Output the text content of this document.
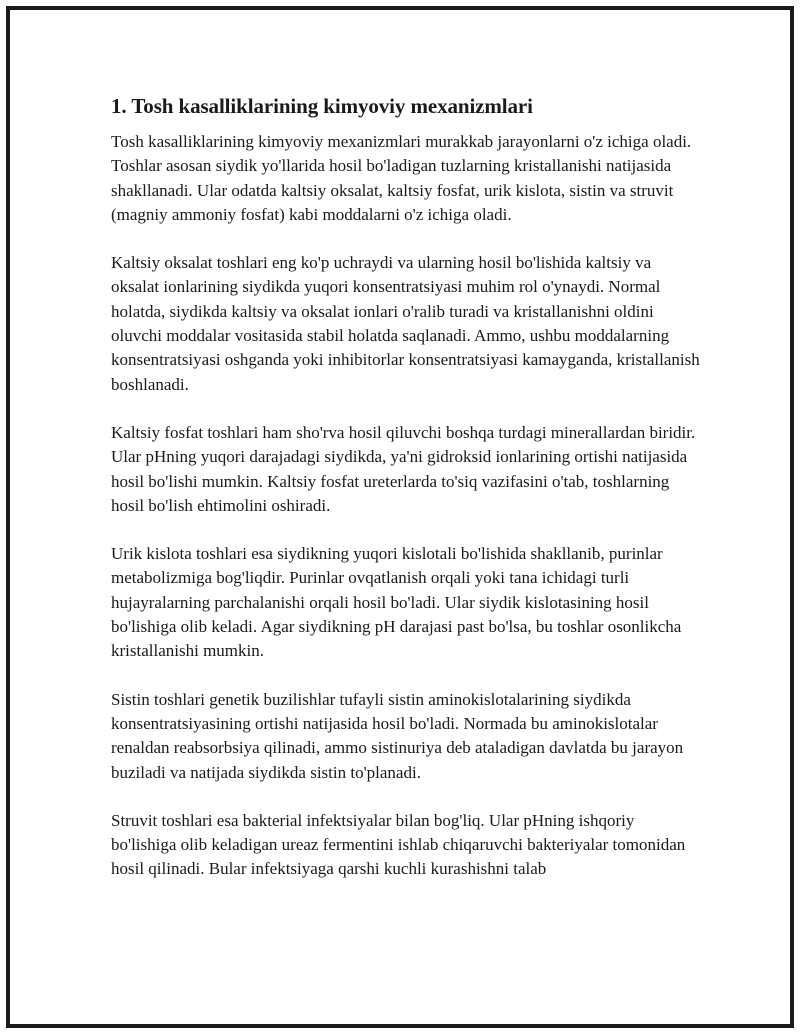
1. Tosh kasalliklarining kimyoviy mexanizmlari

Tosh kasalliklarining kimyoviy mexanizmlari murakkab jarayonlarni o'z ichiga oladi. Toshlar asosan siydik yo'llarida hosil bo'ladigan tuzlarning kristallanishi natijasida shakllanadi. Ular odatda kaltsiy oksalat, kaltsiy fosfat, urik kislota, sistin va struvit (magniy ammoniy fosfat) kabi moddalarni o'z ichiga oladi.

Kaltsiy oksalat toshlari eng ko'p uchraydi va ularning hosil bo'lishida kaltsiy va oksalat ionlarining siydikda yuqori konsentratsiyasi muhim rol o'ynaydi. Normal holatda, siydikda kaltsiy va oksalat ionlari o'ralib turadi va kristallanishni oldini oluvchi moddalar vositasida stabil holatda saqlanadi. Ammo, ushbu moddalarning konsentratsiyasi oshganda yoki inhibitorlar konsentratsiyasi kamayganda, kristallanish boshlanadi.

Kaltsiy fosfat toshlari ham sho'rva hosil qiluvchi boshqa turdagi minerallardan biridir. Ular pHning yuqori darajadagi siydikda, ya'ni gidroksid ionlarining ortishi natijasida hosil bo'lishi mumkin. Kaltsiy fosfat ureterlarda to'siq vazifasini o'tab, toshlarning hosil bo'lish ehtimolini oshiradi.

Urik kislota toshlari esa siydikning yuqori kislotali bo'lishida shakllanib, purinlar metabolizmiga bog'liqdir. Purinlar ovqatlanish orqali yoki tana ichidagi turli hujayralarning parchalanishi orqali hosil bo'ladi. Ular siydik kislotasining hosil bo'lishiga olib keladi. Agar siydikning pH darajasi past bo'lsa, bu toshlar osonlikcha kristallanishi mumkin.

Sistin toshlari genetik buzilishlar tufayli sistin aminokislotalarining siydikda konsentratsiyasining ortishi natijasida hosil bo'ladi. Normada bu aminokislotalar renaldan reabsorbsiya qilinadi, ammo sistinuriya deb ataladigan davlatda bu jarayon buziladi va natijada siydikda sistin to'planadi.

Struvit toshlari esa bakterial infektsiyalar bilan bog'liq. Ular pHning ishqoriy bo'lishiga olib keladigan ureaz fermentini ishlab chiqaruvchi bakteriyalar tomonidan hosil qilinadi. Bular infektsiyaga qarshi kuchli kurashishni talab
